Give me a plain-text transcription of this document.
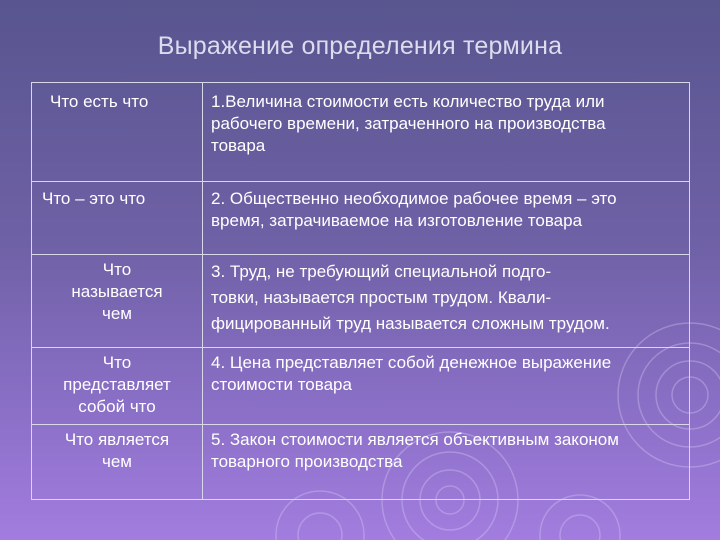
Выражение определения термина
Что есть что	1.Величина стоимости есть количество труда или
рабочего времени, затраченного на производства
товара

Что – это что	2. Общественно необходимое рабочее время – это
время, затрачиваемое на изготовление товара

Что
называется
чем	3. Труд, не требующий специальной подго-
товки, называется простым трудом. Квали-
фицированный труд называется сложным трудом.

Что
представляет
собой что	4. Цена представляет собой денежное выражение
стоимости товара

Что является
чем	5. Закон стоимости является объективным законом
товарного производства
